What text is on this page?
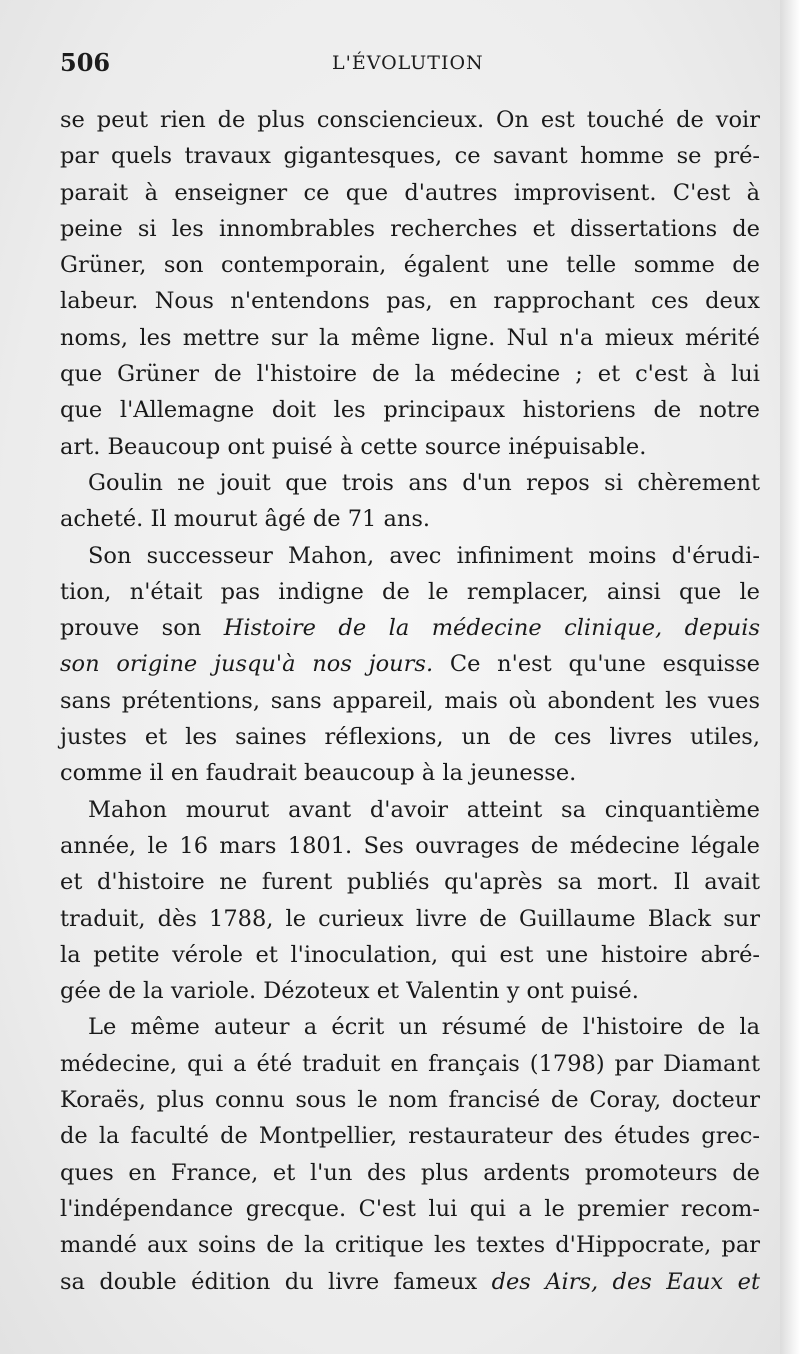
506	L'ÉVOLUTION

se peut rien de plus consciencieux. On est touché de voir

par quels travaux gigantesques, ce savant homme se pré-

parait à enseigner ce que d'autres improvisent. C'est à

peine si les innombrables recherches et dissertations de

Grüner, son contemporain, égalent une telle somme de

labeur. Nous n'entendons pas, en rapprochant ces deux

noms, les mettre sur la même ligne. Nul n'a mieux mérité

que Grüner de l'histoire de la médecine ; et c'est à lui

que l'Allemagne doit les principaux historiens de notre

art. Beaucoup ont puisé à cette source inépuisable.

Goulin ne jouit que trois ans d'un repos si chèrement

acheté. Il mourut âgé de 71 ans.

Son successeur Mahon, avec infiniment moins d'érudi-

tion, n'était pas indigne de le remplacer, ainsi que le

prouve son Histoire de la médecine clinique, depuis

son origine jusqu'à nos jours. Ce n'est qu'une esquisse

sans prétentions, sans appareil, mais où abondent les vues

justes et les saines réflexions, un de ces livres utiles,

comme il en faudrait beaucoup à la jeunesse.

Mahon mourut avant d'avoir atteint sa cinquantième

année, le 16 mars 1801. Ses ouvrages de médecine légale

et d'histoire ne furent publiés qu'après sa mort. Il avait

traduit, dès 1788, le curieux livre de Guillaume Black sur

la petite vérole et l'inoculation, qui est une histoire abré-

gée de la variole. Dézoteux et Valentin y ont puisé.

Le même auteur a écrit un résumé de l'histoire de la

médecine, qui a été traduit en français (1798) par Diamant

Koraës, plus connu sous le nom francisé de Coray, docteur

de la faculté de Montpellier, restaurateur des études grec-

ques en France, et l'un des plus ardents promoteurs de

l'indépendance grecque. C'est lui qui a le premier recom-

mandé aux soins de la critique les textes d'Hippocrate, par

sa double édition du livre fameux des Airs, des Eaux et
